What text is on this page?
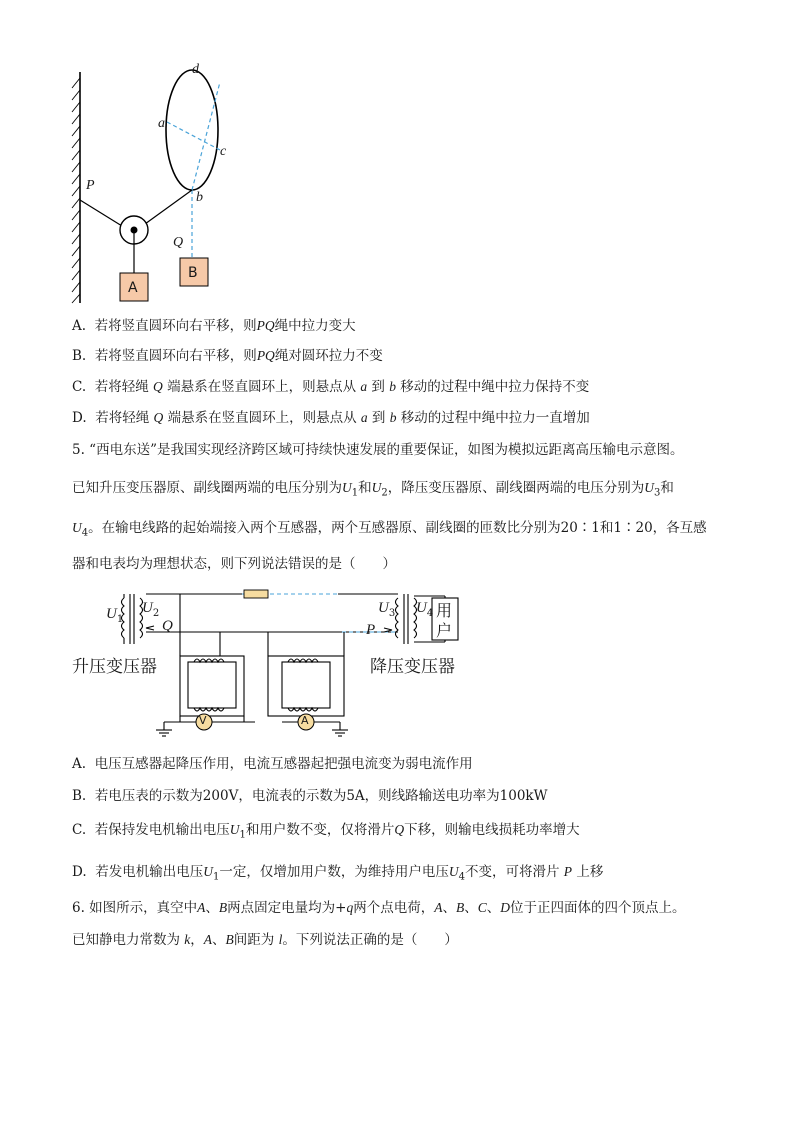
d
a
c
b
P
Q
A
B
A. 若将竖直圆环向右平移，则PQ绳中拉力变大
B. 若将竖直圆环向右平移，则PQ绳对圆环拉力不变
C. 若将轻绳 Q 端悬系在竖直圆环上，则悬点从 a 到 b 移动的过程中绳中拉力保持不变
D. 若将轻绳 Q 端悬系在竖直圆环上，则悬点从 a 到 b 移动的过程中绳中拉力一直增加
5. “西电东送”是我国实现经济跨区域可持续快速发展的重要保证，如图为模拟远距离高压输电示意图。
已知升压变压器原、副线圈两端的电压分别为$U_1$和$U_2$，降压变压器原、副线圈两端的电压分别为$U_3$和
$U_4$。在输电线路的起始端接入两个互感器，两个互感器原、副线圈的匝数比分别为20∶1和1∶20，各互感
器和电表均为理想状态，则下列说法错误的是（　　）
$U_1$
$U_2$
Q
$U_3$
P
$U_4$ 用
户
升压变压器	降压变压器
V	A
A. 电压互感器起降压作用，电流互感器起把强电流变为弱电流作用
B. 若电压表的示数为200V，电流表的示数为5A，则线路输送电功率为100kW
C. 若保持发电机输出电压$U_1$和用户数不变，仅将滑片Q下移，则输电线损耗功率增大
D. 若发电机输出电压$U_1$一定，仅增加用户数，为维持用户电压$U_4$不变，可将滑片 P 上移
6. 如图所示，真空中A、B两点固定电量均为+q两个点电荷，A、B、C、D位于正四面体的四个顶点上。
已知静电力常数为 k，A、B间距为 l。下列说法正确的是（　　）
